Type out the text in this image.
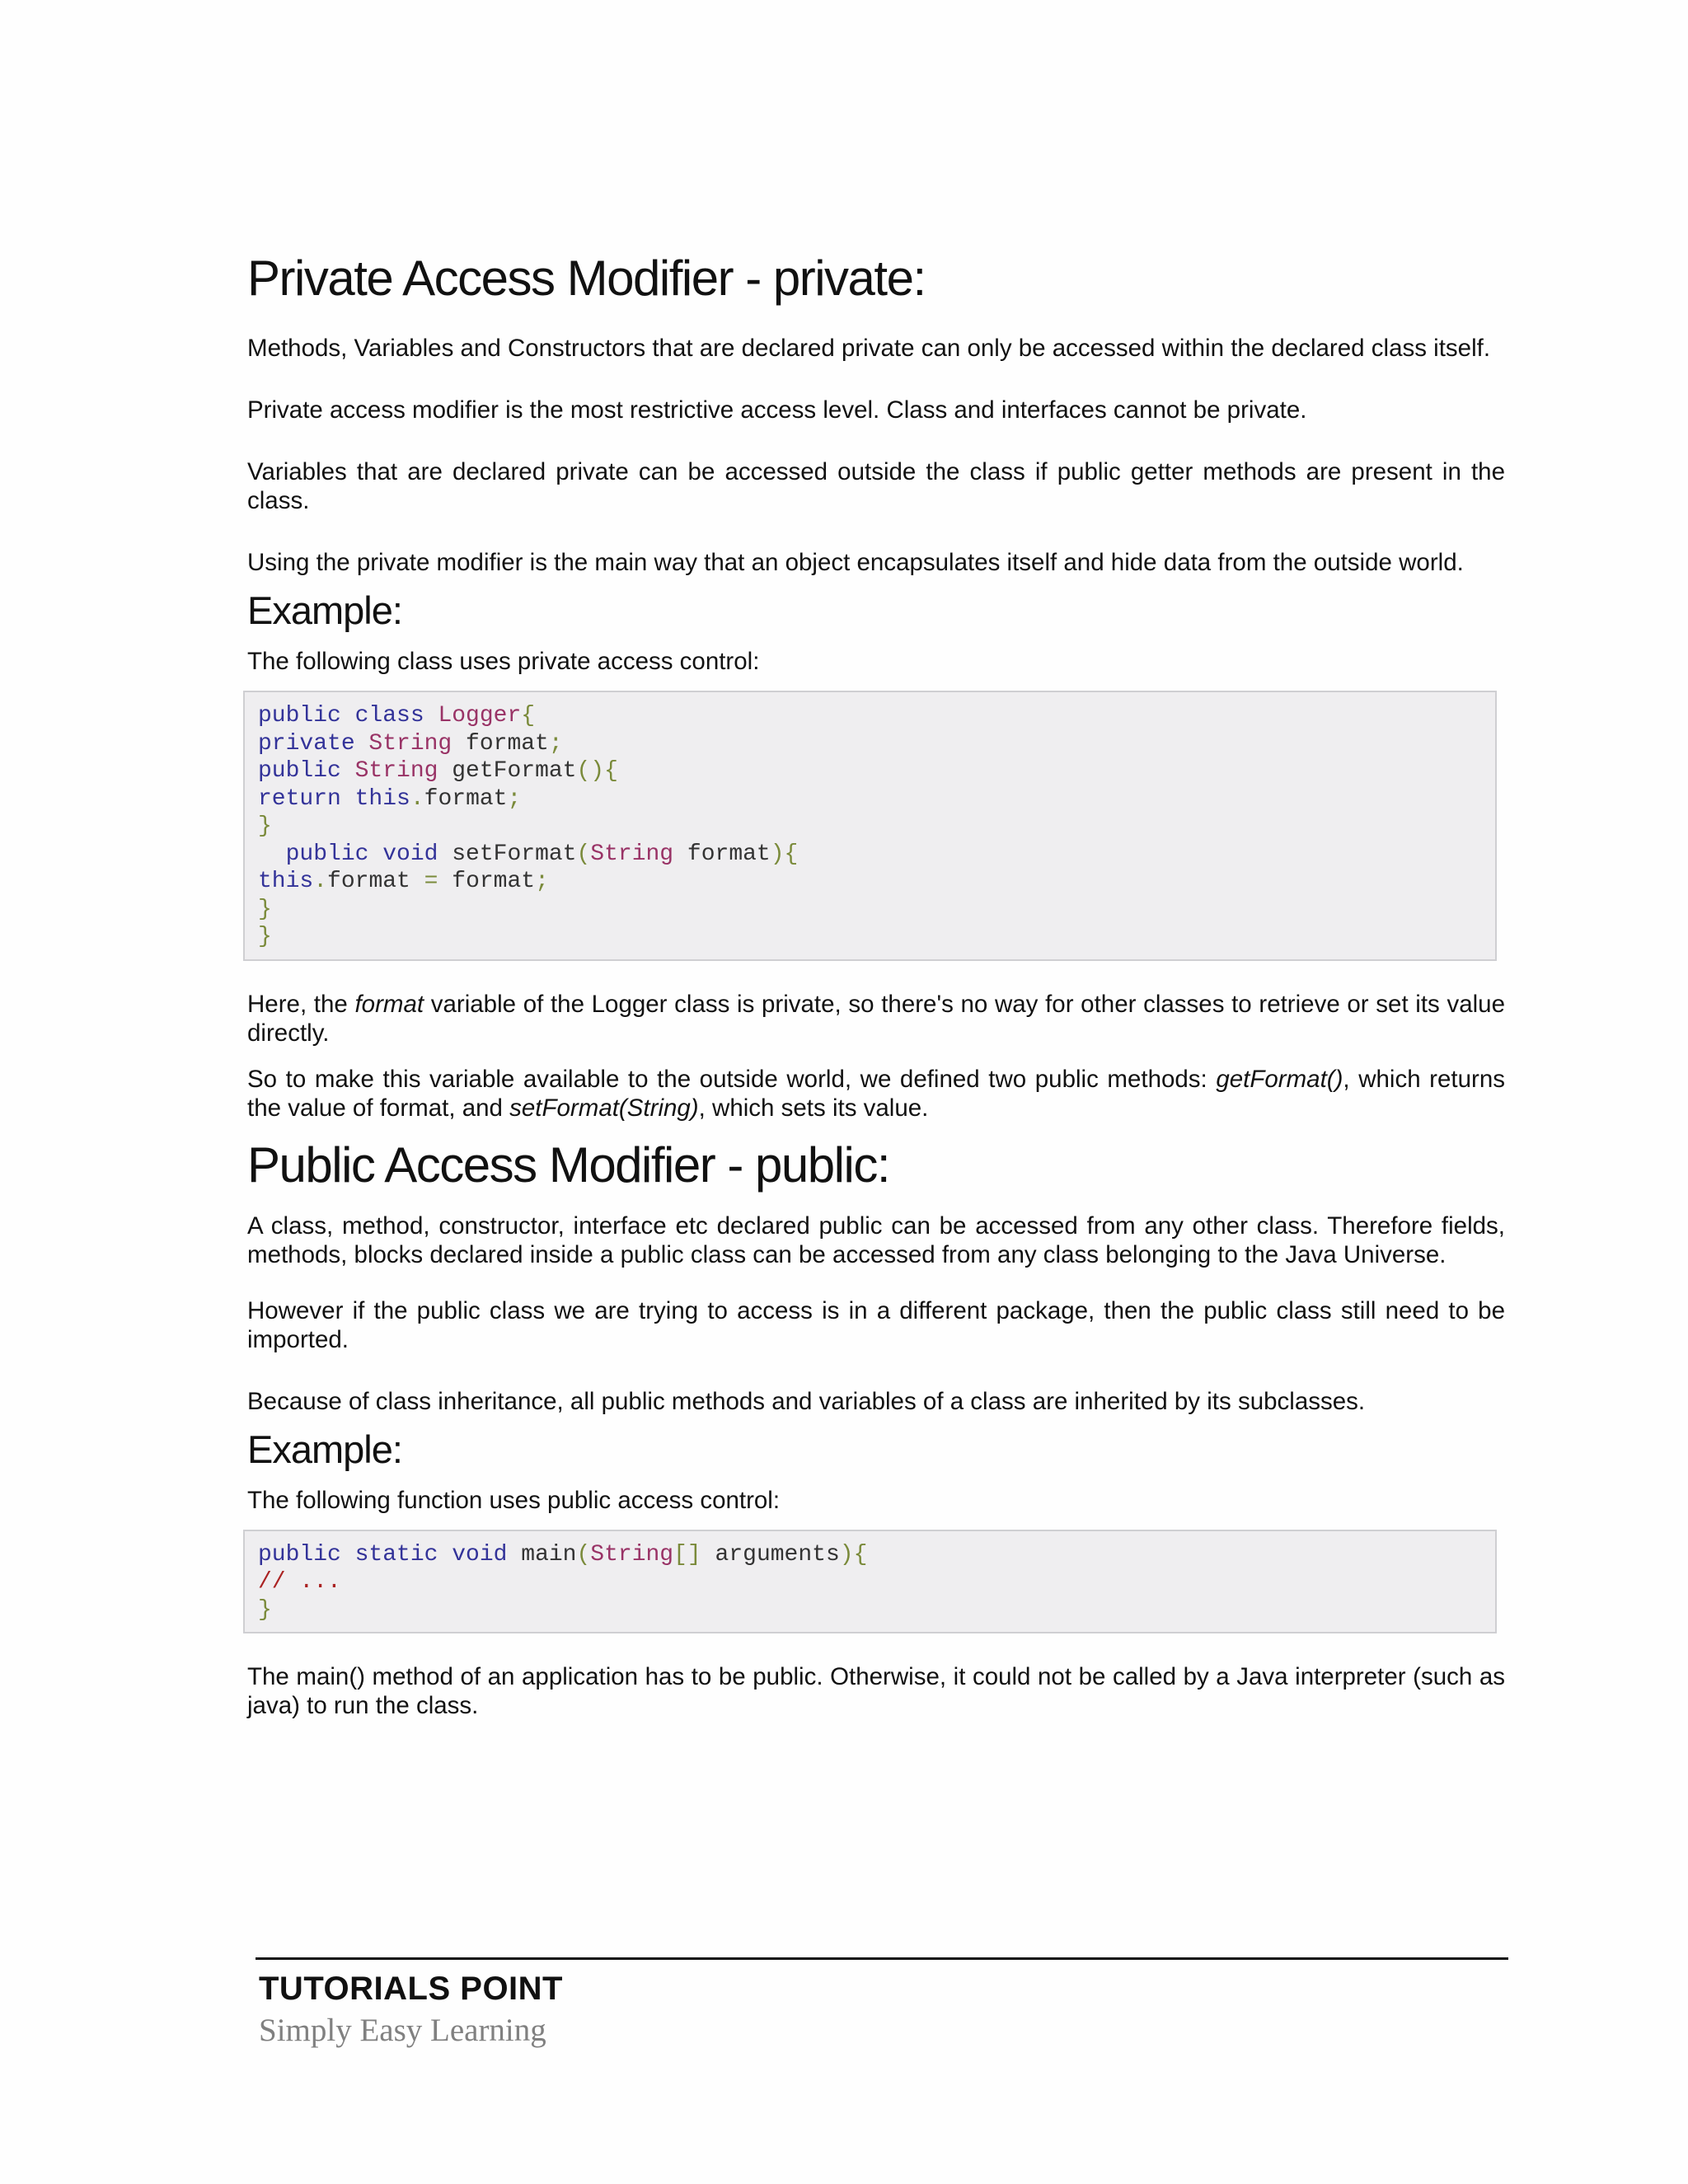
Private Access Modifier - private:

Methods, Variables and Constructors that are declared private can only be accessed within the declared class itself.

Private access modifier is the most restrictive access level. Class and interfaces cannot be private.

Variables that are declared private can be accessed outside the class if public getter methods are present in the class.

Using the private modifier is the main way that an object encapsulates itself and hide data from the outside world.

Example:

The following class uses private access control:

public class Logger{
private String format;
public String getFormat(){
return this.format;
}
public void setFormat(String format){
this.format = format;
}
}

Here, the format variable of the Logger class is private, so there's no way for other classes to retrieve or set its value directly.

So to make this variable available to the outside world, we defined two public methods: getFormat(), which returns the value of format, and setFormat(String), which sets its value.

Public Access Modifier - public:

A class, method, constructor, interface etc declared public can be accessed from any other class. Therefore fields, methods, blocks declared inside a public class can be accessed from any class belonging to the Java Universe.

However if the public class we are trying to access is in a different package, then the public class still need to be imported.

Because of class inheritance, all public methods and variables of a class are inherited by its subclasses.

Example:

The following function uses public access control:

public static void main(String[] arguments){
// ...
}

The main() method of an application has to be public. Otherwise, it could not be called by a Java interpreter (such as java) to run the class.

TUTORIALS POINT
Simply Easy Learning
